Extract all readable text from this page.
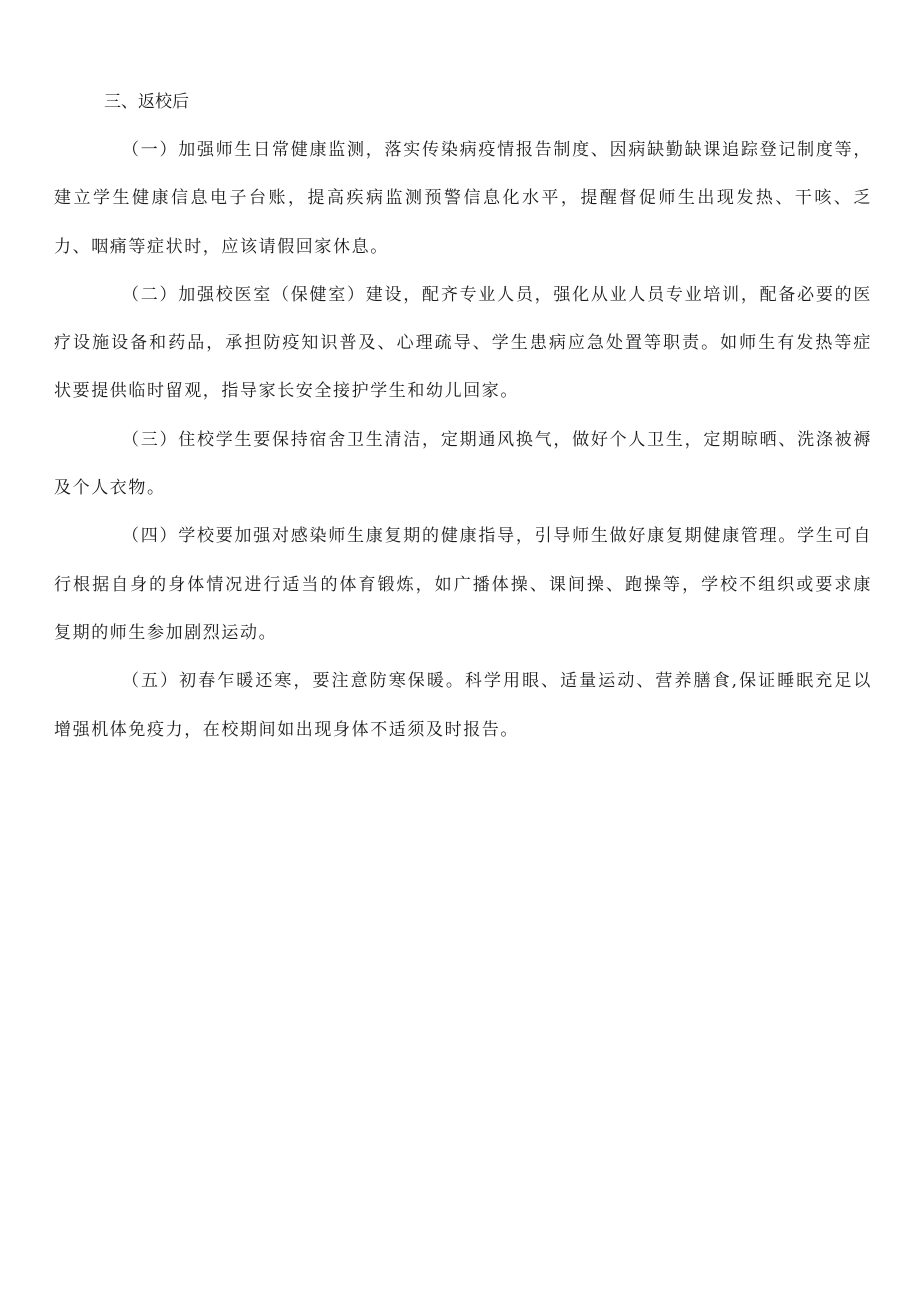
三、返校后

（一）加强师生日常健康监测，落实传染病疫情报告制度、因病缺勤缺课追踪登记制度等，建立学生健康信息电子台账，提高疾病监测预警信息化水平，提醒督促师生出现发热、干咳、乏力、咽痛等症状时，应该请假回家休息。

（二）加强校医室（保健室）建设，配齐专业人员，强化从业人员专业培训，配备必要的医疗设施设备和药品，承担防疫知识普及、心理疏导、学生患病应急处置等职责。如师生有发热等症状要提供临时留观，指导家长安全接护学生和幼儿回家。

（三）住校学生要保持宿舍卫生清洁，定期通风换气，做好个人卫生，定期晾晒、洗涤被褥及个人衣物。

（四）学校要加强对感染师生康复期的健康指导，引导师生做好康复期健康管理。学生可自行根据自身的身体情况进行适当的体育锻炼，如广播体操、课间操、跑操等，学校不组织或要求康复期的师生参加剧烈运动。

（五）初春乍暖还寒，要注意防寒保暖。科学用眼、适量运动、营养膳食,保证睡眠充足以增强机体免疫力，在校期间如出现身体不适须及时报告。
